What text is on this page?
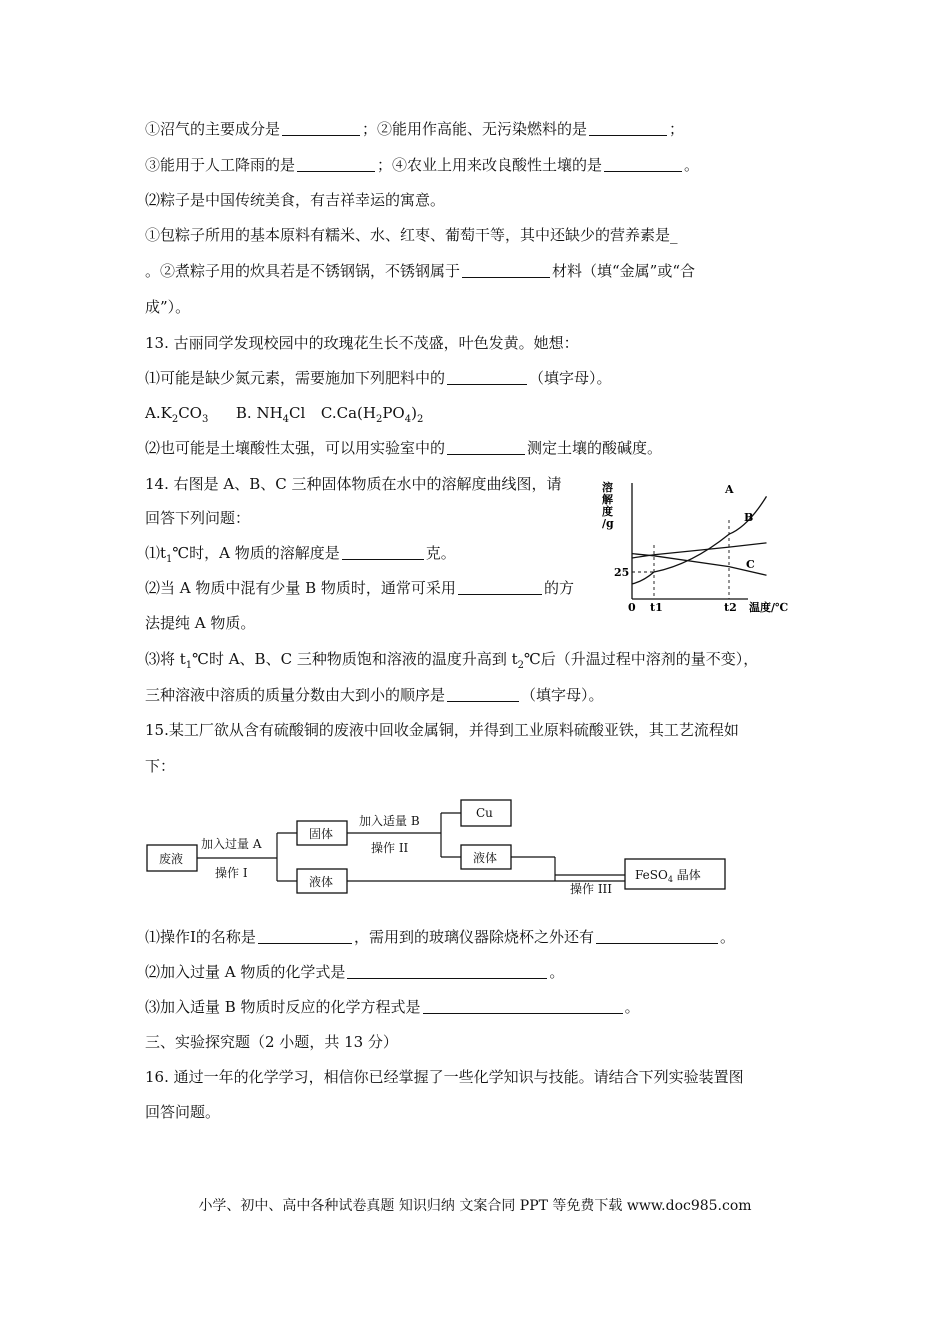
①沼气的主要成分是	；②能用作高能、无污染燃料的是	；
③能用于人工降雨的是	；④农业上用来改良酸性土壤的是	。
⑵粽子是中国传统美食，有吉祥幸运的寓意。
①包粽子所用的基本原料有糯米、水、红枣、葡萄干等，其中还缺少的营养素是_
。②煮粽子用的炊具若是不锈钢锅，不锈钢属于	材料（填“金属”或“合
成”）。
13. 古丽同学发现校园中的玫瑰花生长不茂盛，叶色发黄。她想：
⑴可能是缺少氮元素，需要施加下列肥料中的	（填字母）。
$A.K_2CO_3$ B. $NH_4Cl$ $C.Ca(H_2PO_4)_2$
⑵也可能是土壤酸性太强，可以用实验室中的	测定土壤的酸碱度。
14. 右图是 A、B、C 三种固体物质在水中的溶解度曲线图，请
回答下列问题：
$⑴t_1℃$时，A 物质的溶解度是	克。
⑵当 A 物质中混有少量 B 物质时，通常可采用	的方
法提纯 A 物质。
⑶将 $t_1℃$时 A、B、C 三种物质饱和溶液的温度升高到 $t_2℃$后（升温过程中溶剂的量不变），
三种溶液中溶质的质量分数由大到小的顺序是	（填字母）。
溶
解
度
/g
25
0 t1	t2 温度/℃
A
B
C
15.某工厂欲从含有硫酸铜的废液中回收金属铜，并得到工业原料硫酸亚铁，其工艺流程如
下：
废液
加入过量 A
操作 I
固体
液体
加入适量 B
操作 II
Cu
液体
操作 III
FeSO$_4$ 晶体
⑴操作I的名称是	，需用到的玻璃仪器除烧杯之外还有	。
⑵加入过量 A 物质的化学式是	。
⑶加入适量 B 物质时反应的化学方程式是	。
三、实验探究题（2 小题，共 13 分）
16. 通过一年的化学学习，相信你已经掌握了一些化学知识与技能。请结合下列实验装置图
回答问题。
小学、初中、高中各种试卷真题 知识归纳 文案合同 PPT 等免费下载 www.doc985.com
